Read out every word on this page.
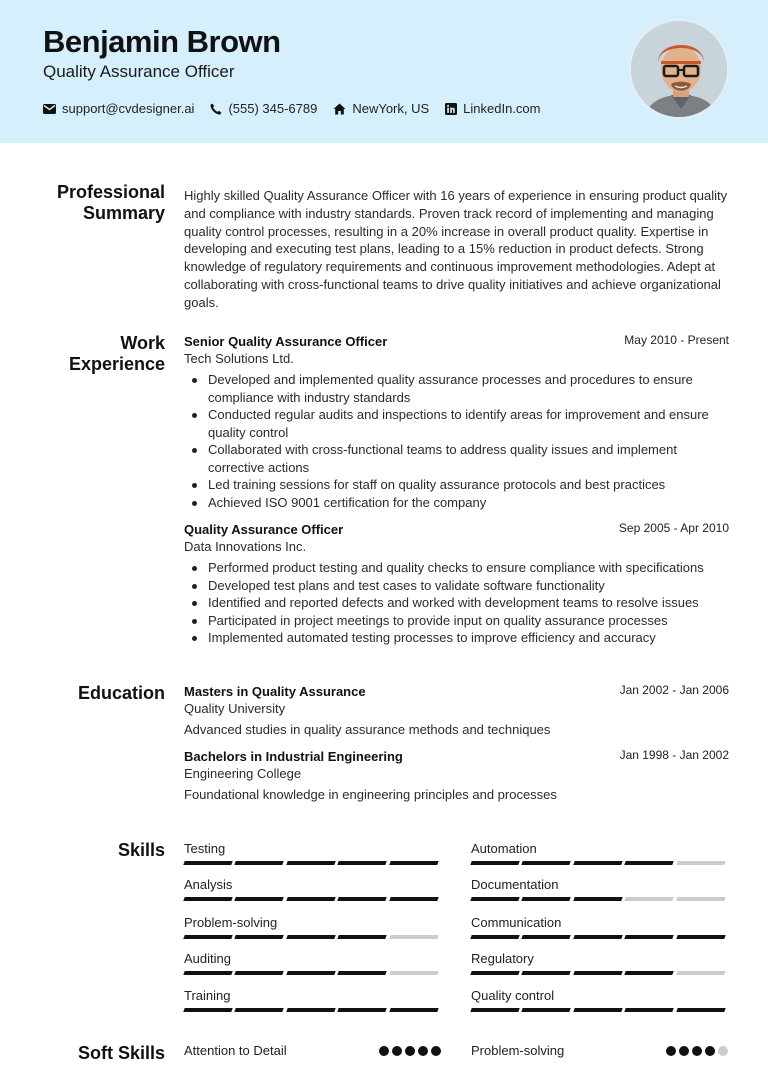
Benjamin Brown
Quality Assurance Officer
support@cvdesigner.ai	(555) 345-6789	NewYork, US	LinkedIn.com
Professional Summary

Highly skilled Quality Assurance Officer with 16 years of experience in ensuring product quality and compliance with industry standards. Proven track record of implementing and managing quality control processes, resulting in a 20% increase in overall product quality. Expertise in developing and executing test plans, leading to a 15% reduction in product defects. Strong knowledge of regulatory requirements and continuous improvement methodologies. Adept at collaborating with cross-functional teams to drive quality initiatives and achieve organizational goals.

Work Experience
Senior Quality Assurance Officer	May 2010 - Present
Tech Solutions Ltd.
Developed and implemented quality assurance processes and procedures to ensure compliance with industry standards
Conducted regular audits and inspections to identify areas for improvement and ensure quality control
Collaborated with cross-functional teams to address quality issues and implement corrective actions
Led training sessions for staff on quality assurance protocols and best practices
Achieved ISO 9001 certification for the company
Quality Assurance Officer	Sep 2005 - Apr 2010
Data Innovations Inc.
Performed product testing and quality checks to ensure compliance with specifications
Developed test plans and test cases to validate software functionality
Identified and reported defects and worked with development teams to resolve issues
Participated in project meetings to provide input on quality assurance processes
Implemented automated testing processes to improve efficiency and accuracy
Education Masters in Quality Assurance	Jan 2002 - Jan 2006
Quality University
Advanced studies in quality assurance methods and techniques
Bachelors in Industrial Engineering	Jan 1998 - Jan 2002
Engineering College
Foundational knowledge in engineering principles and processes
Skills Testing	Automation
Analysis	Documentation
Problem-solving	Communication
Auditing	Regulatory
Training	Quality control
Soft Skills Attention to Detail	Problem-solving
